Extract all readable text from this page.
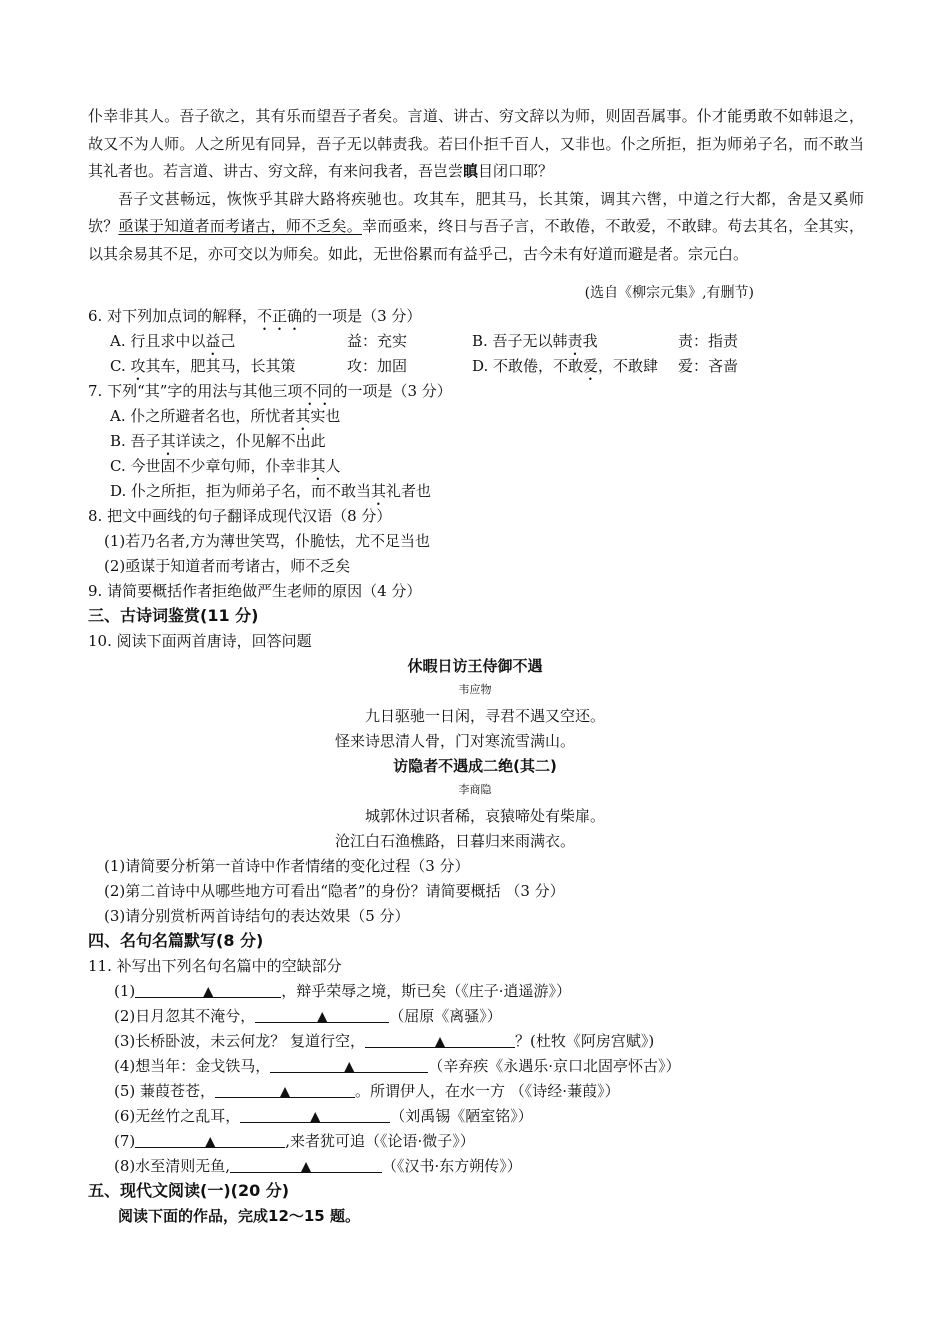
仆幸非其人。吾子欲之，其有乐而望吾子者矣。言道、讲古、穷文辞以为师，则固吾属事。仆才能勇敢不如韩退之，故又不为人师。人之所见有同异，吾子无以韩责我。若曰仆拒千百人，又非也。仆之所拒，拒为师弟子名，而不敢当其礼者也。若言道、讲古、穷文辞，有来问我者，吾岂尝瞋目闭口耶？

吾子文甚畅远，恢恢乎其辟大路将疾驰也。攻其车，肥其马，长其策，调其六辔，中道之行大都，舍是又奚师欤？亟谋于知道者而考诸古，师不乏矣。幸而亟来，终日与吾子言，不敢倦，不敢爱，不敢肆。苟去其名，全其实，以其余易其不足，亦可交以为师矣。如此，无世俗累而有益乎己，古今未有好道而避是者。宗元白。

(选自《柳宗元集》,有删节)
6. 对下列加点词的解释，不正确的一项是（3 分）
A. 行且求中以益己	益：充实	B. 吾子无以韩责我	责：指责
C. 攻其车，肥其马，长其策	攻：加固	D. 不敢倦，不敢爱，不敢肆 爱：吝啬
7. 下列“其”字的用法与其他三项不同的一项是（3 分）
A. 仆之所避者名也，所忧者其实也
B. 吾子其详读之，仆见解不出此
C. 今世固不少章句师，仆幸非其人
D. 仆之所拒，拒为师弟子名，而不敢当其礼者也
8. 把文中画线的句子翻译成现代汉语（8 分）
(1)若乃名者,方为薄世笑骂，仆脆怯，尤不足当也
(2)亟谋于知道者而考诸古，师不乏矣
9. 请简要概括作者拒绝做严生老师的原因（4 分）
三、古诗词鉴赏(11 分)
10. 阅读下面两首唐诗，回答问题
休暇日访王侍御不遇
韦应物
九日驱驰一日闲，寻君不遇又空还。
怪来诗思清人骨，门对寒流雪满山。
访隐者不遇成二绝(其二)
李商隐
城郭休过识者稀，哀猿啼处有柴扉。
沧江白石渔樵路，日暮归来雨满衣。
(1)请简要分析第一首诗中作者情绪的变化过程（3 分）
(2)第二首诗中从哪些地方可看出“隐者”的身份？请简要概括 （3 分）
(3)请分别赏析两首诗结句的表达效果（5 分）
四、名句名篇默写(8 分)
11. 补写出下列名句名篇中的空缺部分
(1)	▲	，辩乎荣辱之境，斯已矣（《庄子·逍遥游》）
(2)日月忽其不淹兮，	▲	（屈原《离骚》）
(3)长桥卧波，未云何龙？ 复道行空，	▲	？(杜牧《阿房宫赋》)
(4)想当年：金戈铁马，	▲	（辛弃疾《永遇乐·京口北固亭怀古》）
(5) 蒹葭苍苍，	▲	。所谓伊人，在水一方 （《诗经·蒹葭》）
(6)无丝竹之乱耳，	▲	（刘禹锡《陋室铭》）
(7)	▲	,来者犹可追（《论语·微子》）
(8)水至清则无鱼,	▲	（《汉书·东方朔传》）
五、现代文阅读(一)(20 分)
阅读下面的作品，完成12～15 题。
